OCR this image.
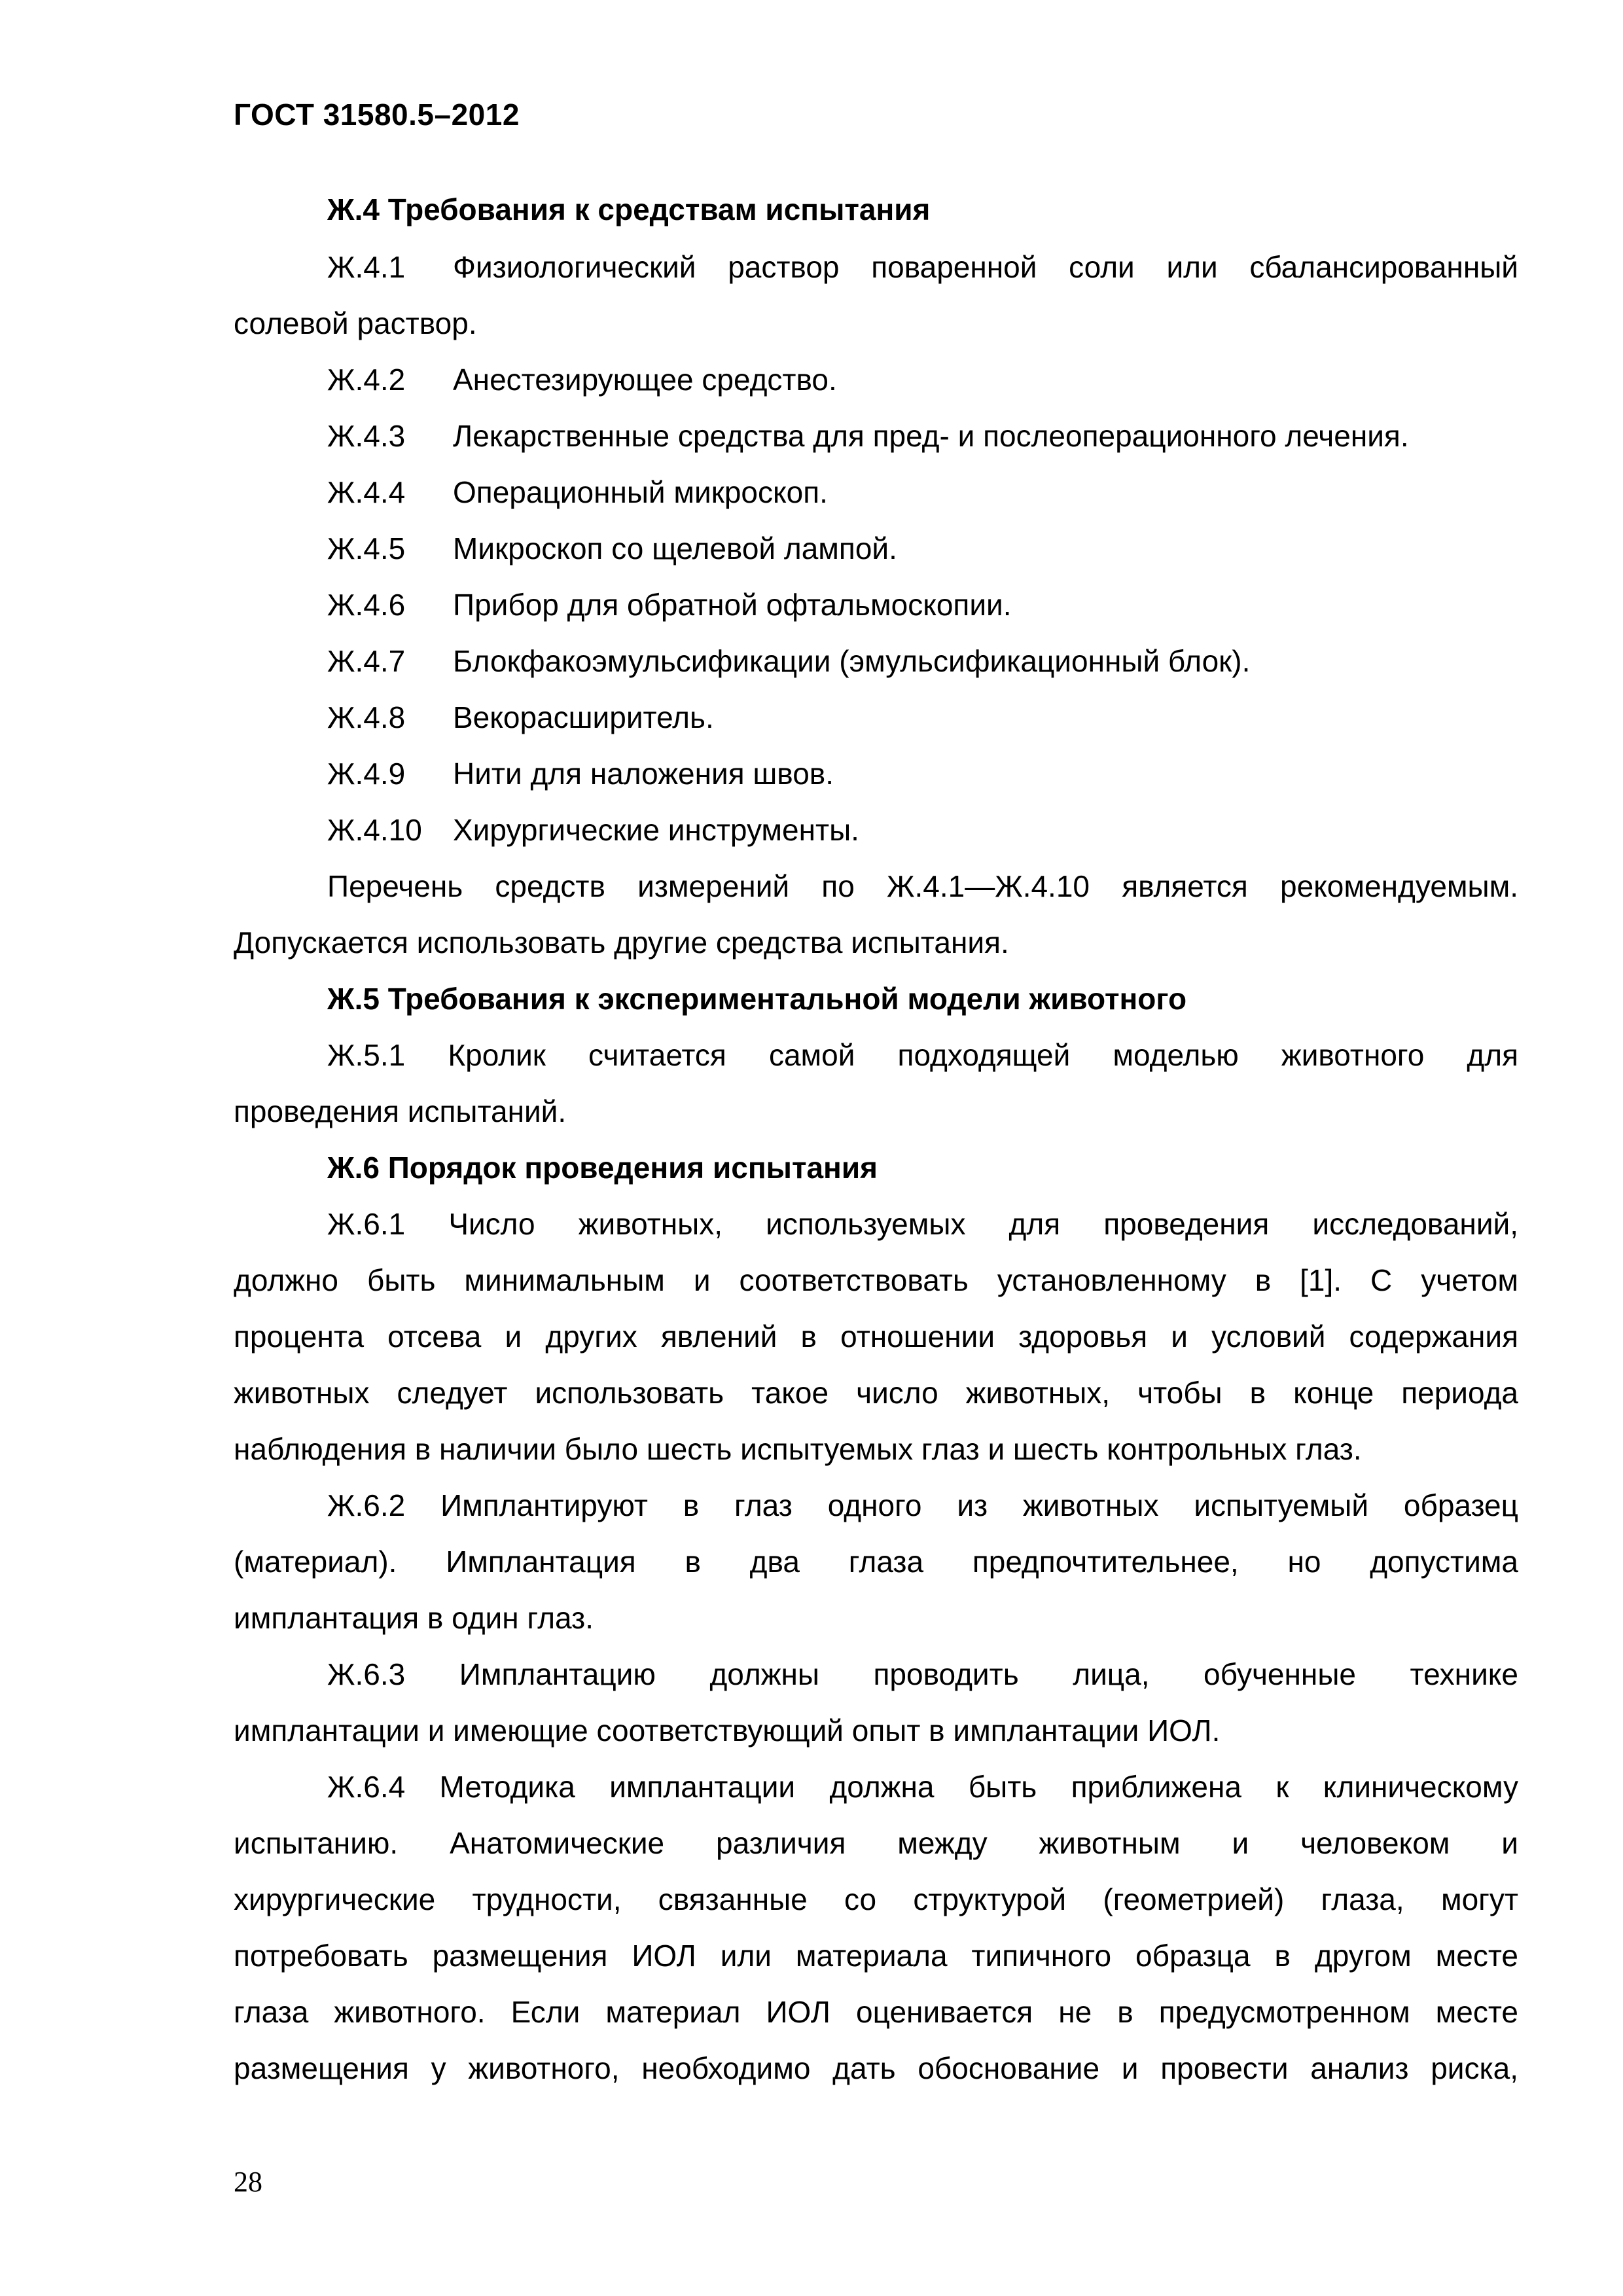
ГОСТ 31580.5–2012
Ж.4 Требования к средствам испытания
Ж.4.1 Физиологический раствор поваренной соли или сбалансированный
солевой раствор.
Ж.4.2 Анестезирующее средство.
Ж.4.3 Лекарственные средства для пред- и послеоперационного лечения.
Ж.4.4 Операционный микроскоп.
Ж.4.5 Микроскоп со щелевой лампой.
Ж.4.6 Прибор для обратной офтальмоскопии.
Ж.4.7 Блокфакоэмульсификации (эмульсификационный блок).
Ж.4.8 Векорасширитель.
Ж.4.9 Нити для наложения швов.
Ж.4.10 Хирургические инструменты.
Перечень средств измерений по Ж.4.1—Ж.4.10 является рекомендуемым.
Допускается использовать другие средства испытания.
Ж.5 Требования к экспериментальной модели животного
Ж.5.1 Кролик считается самой подходящей моделью животного для
проведения испытаний.
Ж.6 Порядок проведения испытания
Ж.6.1 Число животных, используемых для проведения исследований,
должно быть минимальным и соответствовать установленному в [1]. С учетом
процента отсева и других явлений в отношении здоровья и условий содержания
животных следует использовать такое число животных, чтобы в конце периода
наблюдения в наличии было шесть испытуемых глаз и шесть контрольных глаз.
Ж.6.2 Имплантируют в глаз одного из животных испытуемый образец
(материал). Имплантация в два глаза предпочтительнее, но допустима
имплантация в один глаз.
Ж.6.3 Имплантацию должны проводить лица, обученные технике
имплантации и имеющие соответствующий опыт в имплантации ИОЛ.
Ж.6.4 Методика имплантации должна быть приближена к клиническому
испытанию. Анатомические различия между животным и человеком и
хирургические трудности, связанные со структурой (геометрией) глаза, могут
потребовать размещения ИОЛ или материала типичного образца в другом месте
глаза животного. Если материал ИОЛ оценивается не в предусмотренном месте
размещения у животного, необходимо дать обоснование и провести анализ риска,
28
